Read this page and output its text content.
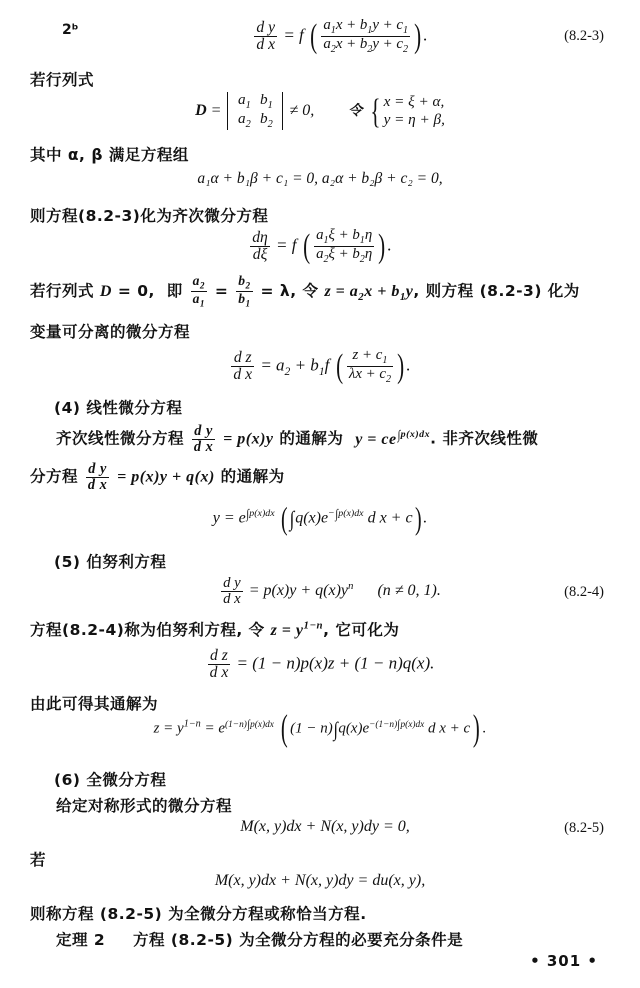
2ᵇ	$\frac{\text{d y}}{\text{d x}} = f$ ( $\frac{a_1x + b_1y + c_1}{a_2x + b_2y + c_2}$ ) .	(8.2-3)
若行列式
D =
$a_1$ $b_1$
$a_2$ $b_2$
≠ 0,  令 { x = ξ + α,
y = η + β,
其中 α, β 满足方程组
a₁α + b₁β + c₁ = 0, a₂α + b₂β + c₂ = 0,
则方程(8.2-3)化为齐次微分方程
$\frac{d\eta}{d\xi} = f$ ( $\frac{a_1\xi + b_1\eta}{a_2\xi + b_2\eta}$ ) .
若行列式 D = 0,  即 $\frac{a_2}{a_1} = \frac{b_2}{b_1} = \lambda$, 令 $z = a_2x + b_1y$, 则方程 (8.2-3) 化为
变量可分离的微分方程
$\frac{\text{d z}}{\text{d x}} = a_2 + b_1f$ ( $\frac{z + c_1}{\lambda x + c_2}$ ) .
(4) 线性微分方程
齐次线性微分方程 $\frac{\text{d y}}{\text{d x}} = p(x)y$ 的通解为  $y = ce^{\int p(x)dx}$. 非齐次线性微
分方程 $\frac{\text{d y}}{\text{d x}} = p(x)y + q(x)$ 的通解为
$y = e^{\int p(x)dx}$ ( $\int q(x)e^{-\int p(x)dx}$ d x + c) .
(5) 伯努利方程
$\frac{\text{d y}}{\text{d x}} = p(x)y + q(x)y^n$ (n ≠ 0, 1).	(8.2-4)
方程(8.2-4)称为伯努利方程, 令 $z = y^{1-n}$, 它可化为
$\frac{\text{d z}}{\text{d x}} = (1 - n)p(x)z + (1 - n)q(x)$.
由此可得其通解为
$z = y^{1-n} = e^{(1-n)\int p(x)dx}$ ( $(1 - n)\int q(x)e^{-(1-n)\int p(x)dx}$ d x + c) .
(6) 全微分方程
给定对称形式的微分方程
M(x, y)dx + N(x, y)dy = 0,	(8.2-5)
若
M(x, y)dx + N(x, y)dy = du(x, y),
则称方程 (8.2-5) 为全微分方程或称恰当方程.
定理 2 方程 (8.2-5) 为全微分方程的必要充分条件是
• 301 •
